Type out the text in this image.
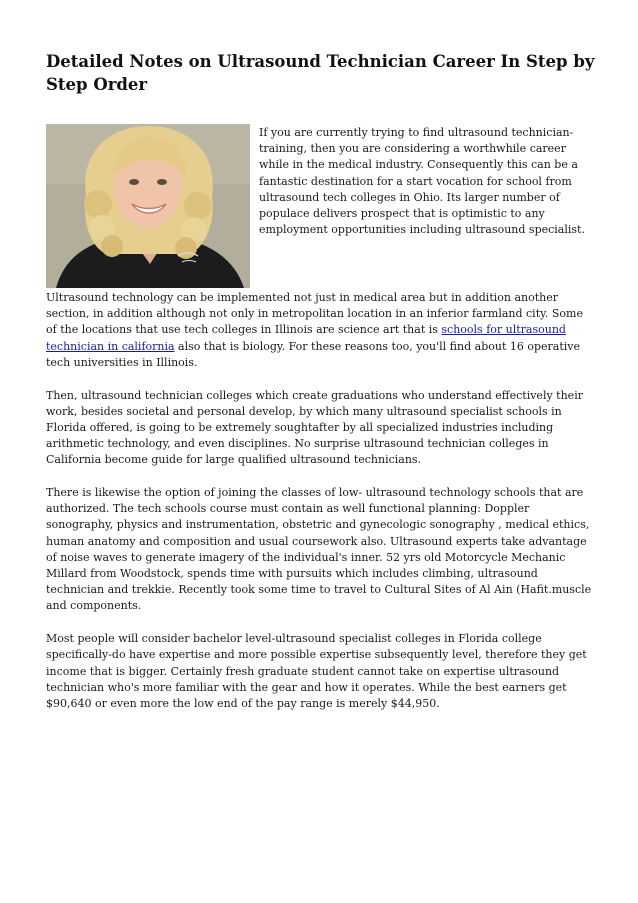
Detailed Notes on Ultrasound Technician Career In Step by Step Order

If you are currently trying to find ultrasound technician-training, then you are considering a worthwhile career while in the medical industry. Consequently this can be a fantastic destination for a start vocation for school from ultrasound tech colleges in Ohio. Its larger number of populace delivers prospect that is optimistic to any employment opportunities including ultrasound specialist.

Ultrasound technology can be implemented not just in medical area but in addition another section, in addition although not only in metropolitan location in an inferior farmland city. Some of the locations that use tech colleges in Illinois are science art that is schools for ultrasound technician in california also that is biology. For these reasons too, you'll find about 16 operative tech universities in Illinois.

Then, ultrasound technician colleges which create graduations who understand effectively their work, besides societal and personal develop, by which many ultrasound specialist schools in Florida offered, is going to be extremely soughtafter by all specialized industries including arithmetic technology, and even disciplines. No surprise ultrasound technician colleges in California become guide for large qualified ultrasound technicians.

There is likewise the option of joining the classes of low- ultrasound technology schools that are authorized. The tech schools course must contain as well functional planning: Doppler sonography, physics and instrumentation, obstetric and gynecologic sonography , medical ethics, human anatomy and composition and usual coursework also. Ultrasound experts take advantage of noise waves to generate imagery of the individual's inner. 52 yrs old Motorcycle Mechanic Millard from Woodstock, spends time with pursuits which includes climbing, ultrasound technician and trekkie. Recently took some time to travel to Cultural Sites of Al Ain (Hafit.muscle and components.

Most people will consider bachelor level-ultrasound specialist colleges in Florida college specifically-do have expertise and more possible expertise subsequently level, therefore they get income that is bigger. Certainly fresh graduate student cannot take on expertise ultrasound technician who's more familiar with the gear and how it operates. While the best earners get $90,640 or even more the low end of the pay range is merely $44,950.
